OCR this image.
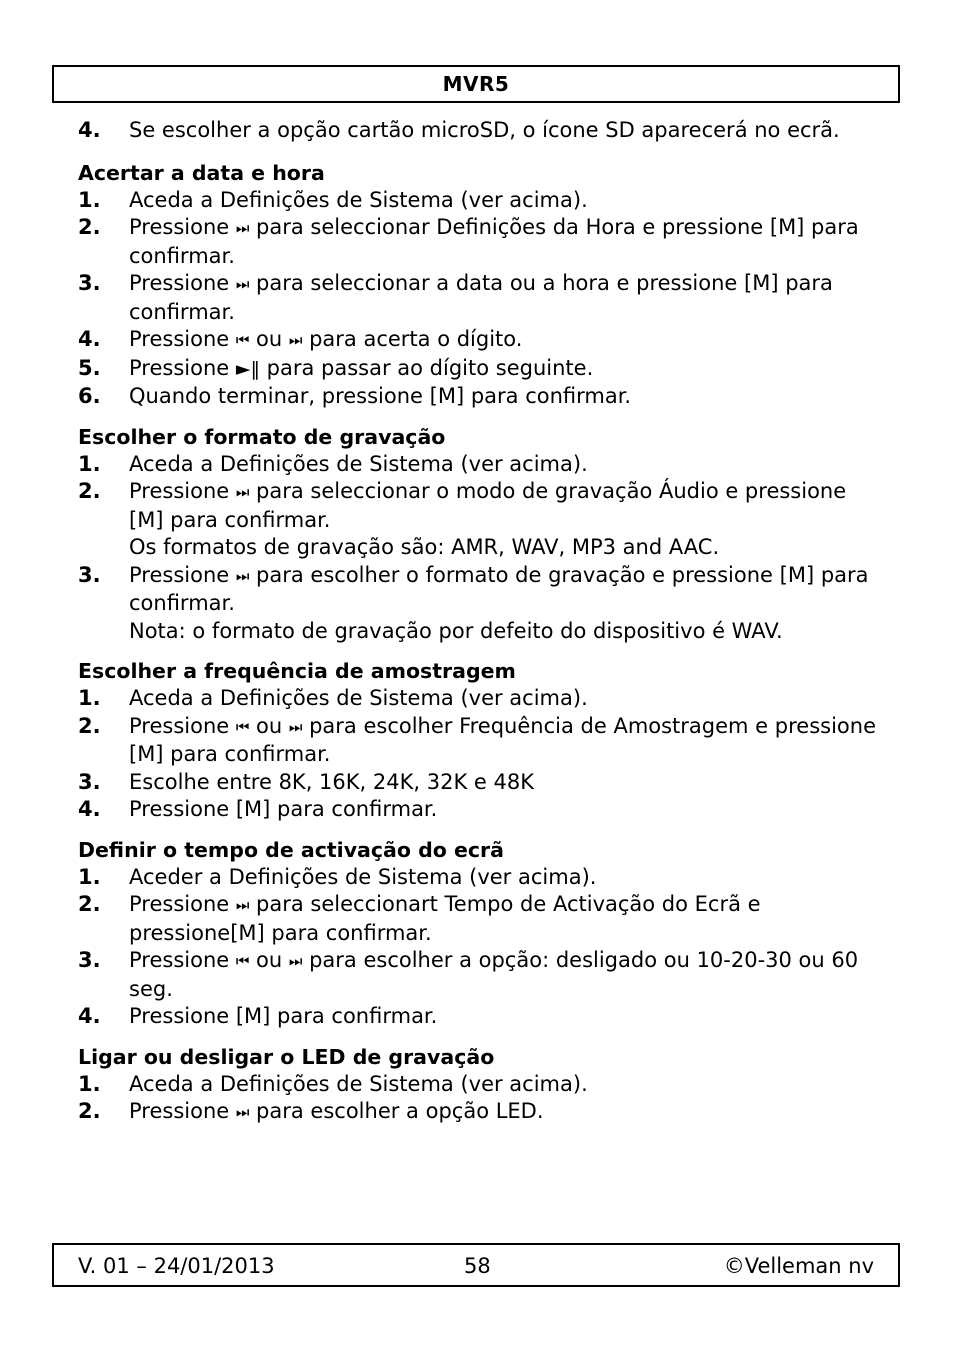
MVR5
4.	Se escolher a opção cartão microSD, o ícone SD aparecerá no ecrã.
Acertar a data e hora
1.	Aceda a Definições de Sistema (ver acima).
2.	Pressione ⏭ para seleccionar Definições da Hora e pressione [M] para confirmar.
3.	Pressione ⏭ para seleccionar a data ou a hora e pressione [M] para confirmar.
4.	Pressione ⏮ ou ⏭ para acerta o dígito.
5.	Pressione ►‖ para passar ao dígito seguinte.
6.	Quando terminar, pressione [M] para confirmar.
Escolher o formato de gravação
1.	Aceda a Definições de Sistema (ver acima).
2.	Pressione ⏭ para seleccionar o modo de gravação Áudio e pressione [M] para confirmar.
Os formatos de gravação são: AMR, WAV, MP3 and AAC.
3.	Pressione ⏭ para escolher o formato de gravação e pressione [M] para confirmar.
Nota: o formato de gravação por defeito do dispositivo é WAV.
Escolher a frequência de amostragem
1.	Aceda a Definições de Sistema (ver acima).
2.	Pressione ⏮ ou ⏭ para escolher Frequência de Amostragem e pressione [M] para confirmar.
3.	Escolhe entre 8K, 16K, 24K, 32K e 48K
4.	Pressione [M] para confirmar.
Definir o tempo de activação do ecrã
1.	Aceder a Definições de Sistema (ver acima).
2.	Pressione ⏭ para seleccionart Tempo de Activação do Ecrã e pressione[M] para confirmar.
3.	Pressione ⏮ ou ⏭ para escolher a opção: desligado ou 10-20-30 ou 60 seg.
4.	Pressione [M] para confirmar.
Ligar ou desligar o LED de gravação
1.	Aceda a Definições de Sistema (ver acima).
2.	Pressione ⏭ para escolher a opção LED.
V. 01 – 24/01/2013	58	©Velleman nv
